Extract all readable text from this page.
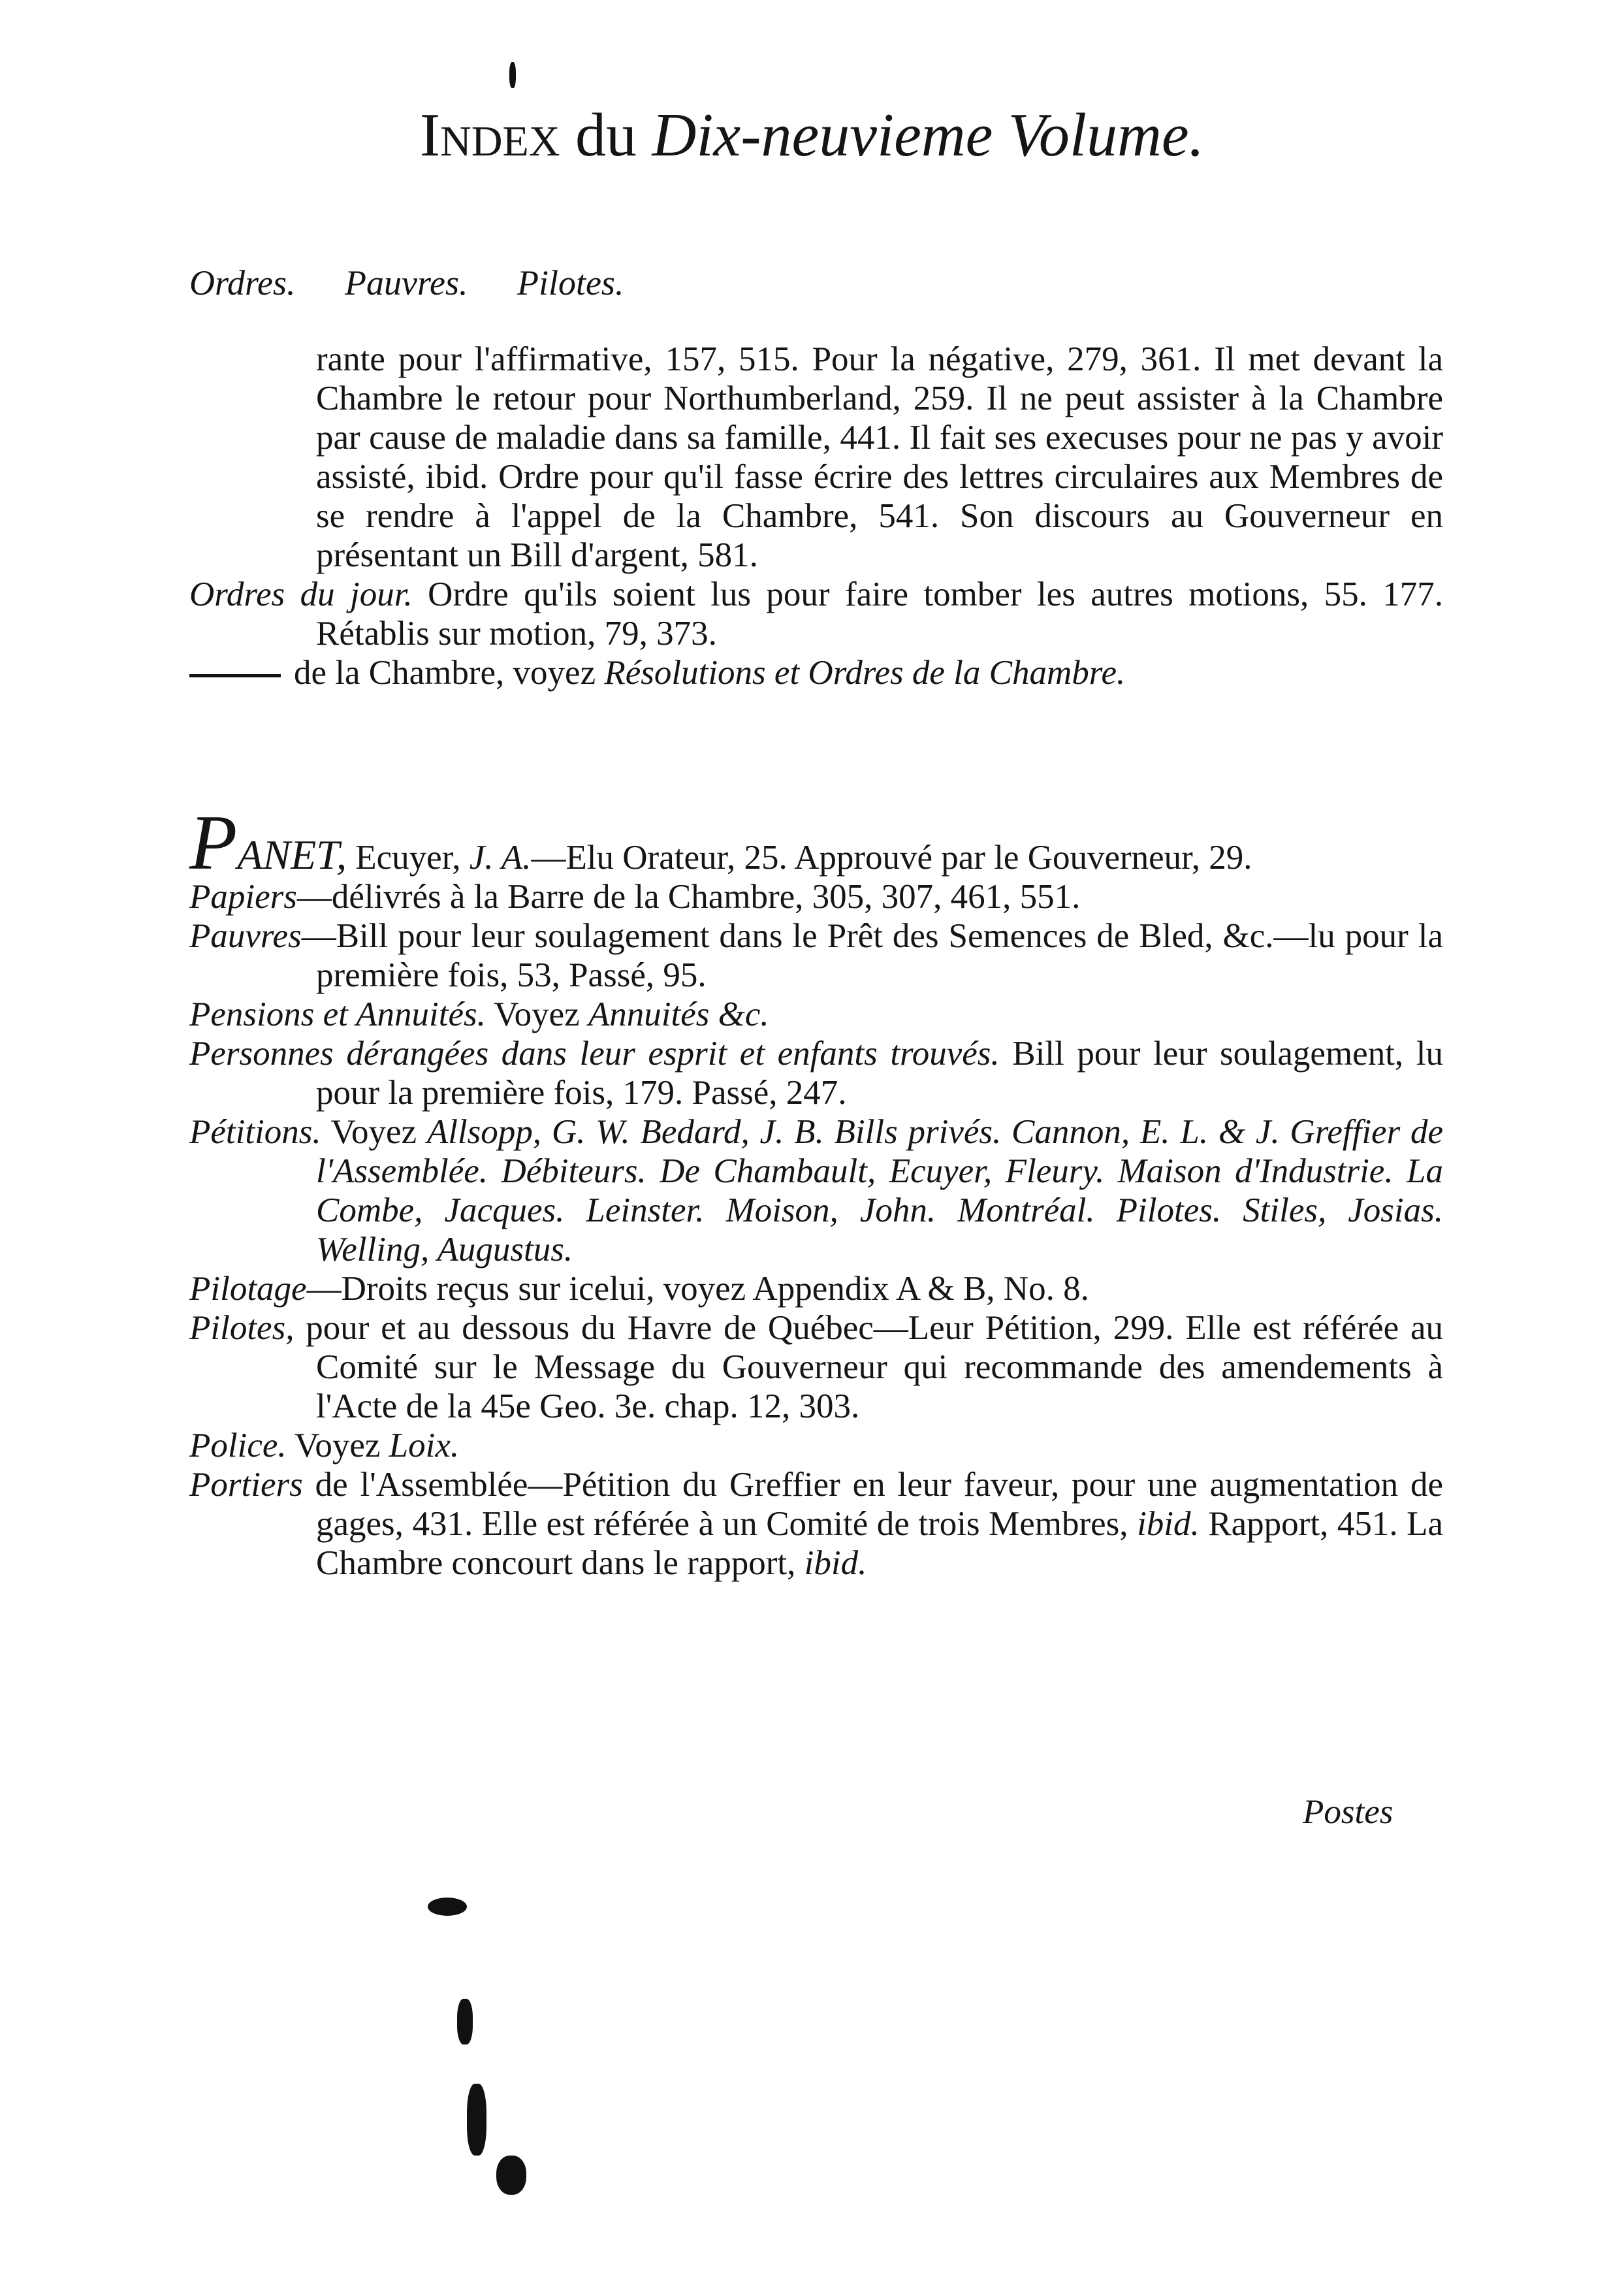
Index du Dix-neuvieme Volume.
Ordres. Pauvres. Pilotes.

rante pour l'affirmative, 157, 515. Pour la négative, 279, 361. Il met devant la Chambre le retour pour Northumberland, 259. Il ne peut assister à la Chambre par cause de maladie dans sa famille, 441. Il fait ses execuses pour ne pas y avoir assisté, ibid. Ordre pour qu'il fasse écrire des lettres circulaires aux Membres de se rendre à l'appel de la Chambre, 541. Son discours au Gouverneur en présentant un Bill d'argent, 581.

Ordres du jour. Ordre qu'ils soient lus pour faire tomber les autres motions, 55. 177. Rétablis sur motion, 79, 373.

de la Chambre, voyez Résolutions et Ordres de la Chambre.

PANET, Ecuyer, J. A.—Elu Orateur, 25. Approuvé par le Gouverneur, 29.

Papiers—délivrés à la Barre de la Chambre, 305, 307, 461, 551.

Pauvres—Bill pour leur soulagement dans le Prêt des Semences de Bled, &c.—lu pour la première fois, 53, Passé, 95.

Pensions et Annuités. Voyez Annuités &c.

Personnes dérangées dans leur esprit et enfants trouvés. Bill pour leur soulagement, lu pour la première fois, 179. Passé, 247.

Pétitions. Voyez Allsopp, G. W. Bedard, J. B. Bills privés. Cannon, E. L. & J. Greffier de l'Assemblée. Débiteurs. De Chambault, Ecuyer, Fleury. Maison d'Industrie. La Combe, Jacques. Leinster. Moison, John. Montréal. Pilotes. Stiles, Josias. Welling, Augustus.

Pilotage—Droits reçus sur icelui, voyez Appendix A & B, No. 8.

Pilotes, pour et au dessous du Havre de Québec—Leur Pétition, 299. Elle est référée au Comité sur le Message du Gouverneur qui recommande des amendements à l'Acte de la 45e Geo. 3e. chap. 12, 303.

Police. Voyez Loix.

Portiers de l'Assemblée—Pétition du Greffier en leur faveur, pour une augmentation de gages, 431. Elle est référée à un Comité de trois Membres, ibid. Rapport, 451. La Chambre concourt dans le rapport, ibid.

Postes
